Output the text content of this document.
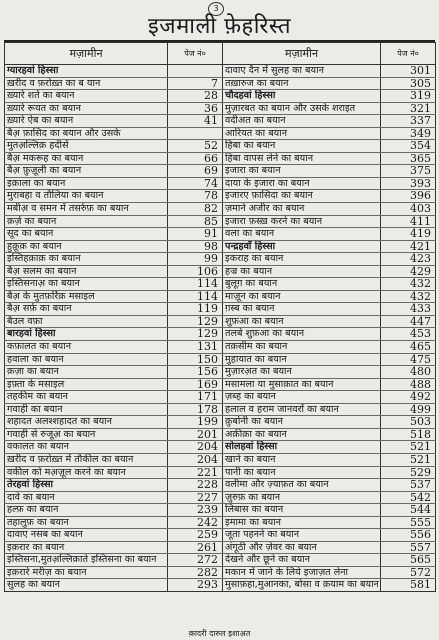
3
इजमाली फ़ेहरिस्त
मज़ामीन	पेज नं०	मज़ामीन	पेज नं०
ग्यारहवां हिस्सा		दावाए दैन में सुलह का बयान	301
ख़रीद व फ़रोख़्त का ब यान	7	तख़ारुज का बयान	305
ख़्यारे शर्त का बयान	28	चौदहवां हिस्सा	319
ख़्यारे रूयत का बयान	36	मुज़ारबत का बयान और उसके शराइत	321
ख़्यारे ऐब का बयान	41	वदीअत का बयान	337
बैअ़ फ़ासिद का बयान और उसके		आरियत का बयान	349
मुतअ़ल्लिक़ हदीसें	52	हिबा का बयान	354
बैअ़ मकरूह का बयान	66	हिबा वापस लेने का बयान	365
बैअ़ फ़ुज़ूली का बयान	69	इजारा का बयान	375
इक़ाला का बयान	74	दाया के इजारा का बयान	393
मुराबहा व तौलिया का बयान	78	इजारए फ़ासिदा का बयान	396
मबीअ़ व समन में तसर्रुफ़ का बयान	82	ज़माने अजीर का बयान	403
क़र्ज़ का बयान	85	इजारा फ़स्ख़ करने का बयान	411
सूद का बयान	91	वला का बयान	419
हुक़ूक़ का बयान	98	पन्द्रहवाँ हिस्सा	421
इस्तिहक़ाक़ का बयान	99	इकराह का बयान	423
बैअ़ सलम का बयान	106	हज्र का बयान	429
इस्तिसनाअ़ का बयान	114	बुलूग़ का बयान	432
बैअ़ के मुतफ़र्रिक़ मसाइल	114	माज़ून का बयान	432
बैअ़ सर्फ़ का बयान	119	ग़स्ब का बयान	433
बैउल वफ़ा	129	शुफ़आ का बयान	447
बारहवां हिस्सा	129	तलबे शुफ़आ का बयान	453
कफ़ालत का बयान	131	तक़सीम का बयान	465
हवाला का बयान	150	मुहायात का बयान	475
क़ज़ा का बयान	156	मुज़ारअ़त का बयान	480
इफ़्ता के मसाइल	169	मसामला या मुसाक़ात का बयान	488
तहकीम का बयान	171	ज़ब्ह का बयान	492
गवाही का बयान	178	हलाल व हराम जानवरों का बयान	499
शहादत अलश्शहादत का बयान	199	क़ुर्बानी का बयान	503
गवाही से रुजूअ़ का बयान	201	अक़ीक़ा का बयान	518
वकालत का बयान	204	सोलहवां हिस्सा	521
ख़रीद व फ़रोख़्त में तौकील का बयान	204	खाने का बयान	521
वकील को मअ़ज़ूल करने का बयान	221	पानी का बयान	529
तेरहवां हिस्सा	228	वलीमा और ज़्याफ़त का बयान	537
दावे का बयान	227	ज़ुरुफ़ का बयान	542
हल्फ़ का बयान	239	लिबास का बयान	544
तहालुफ़ का बयान	242	इमामा का बयान	555
दावाए नसब का बयान	259	जूता पहनने का बयान	556
इक़रार का बयान	261	अंगूठी और ज़ेवर का बयान	557
इस्तिसना,मुतअ़ल्लिक़ाते इस्तिसना का बयान	272	देखने और छूने का बयान	565
इक़रारे मरीज़ का बयान	282	मकान में जाने के लिये इजाज़त लेना	572
सुलह का बयान	293	मुसाफ़हा,मुआनका, बोसा व क़याम का बयान	581
क़ादरी दारुल इशाअ़त
